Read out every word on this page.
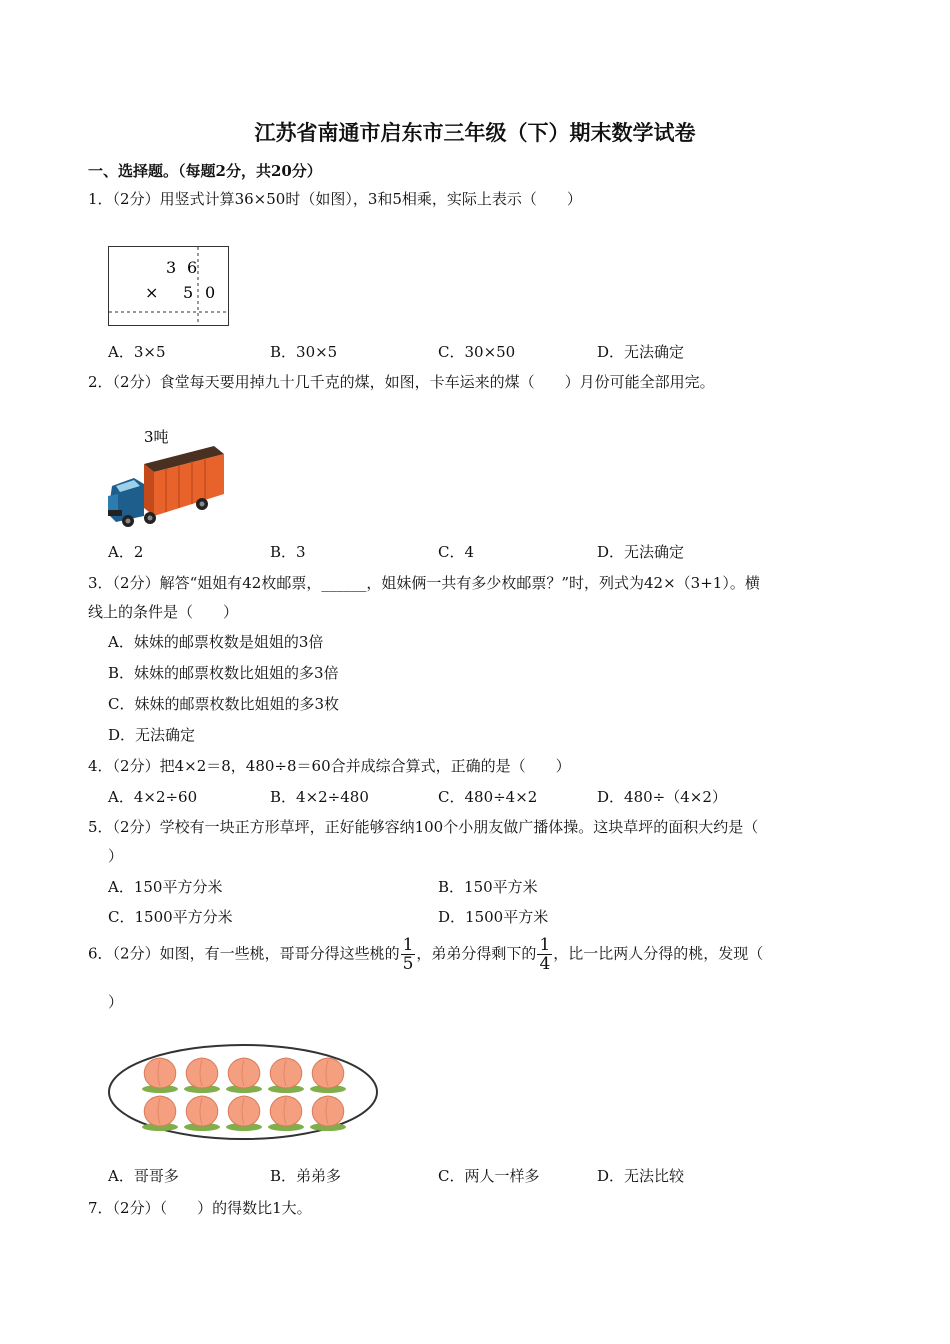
江苏省南通市启东市三年级（下）期末数学试卷
一、选择题。（每题2分，共20分）
1．（2分）用竖式计算36×50时（如图），3和5相乘，实际上表示（　　）
3 6
× 5 0
A．3×5	B．30×5	C．30×50	D．无法确定
2．（2分）食堂每天要用掉九十几千克的煤，如图，卡车运来的煤（　　）月份可能全部用完。
3吨
A．2	B．3	C．4	D．无法确定
3．（2分）解答“姐姐有42枚邮票，______，姐妹俩一共有多少枚邮票？”时，列式为42×（3+1）。横
线上的条件是（　　）
A．妹妹的邮票枚数是姐姐的3倍
B．妹妹的邮票枚数比姐姐的多3倍
C．妹妹的邮票枚数比姐姐的多3枚
D．无法确定
4．（2分）把4×2＝8，480÷8＝60合并成综合算式，正确的是（　　）
A．4×2÷60	B．4×2÷480	C．480÷4×2	D．480÷（4×2）
5．（2分）学校有一块正方形草坪，正好能够容纳100个小朋友做广播体操。这块草坪的面积大约是（
）
A．150平方分米	B．150平方米
C．1500平方分米	D．1500平方米
6．（2分）如图，有一些桃，哥哥分得这些桃的 $\frac{1}{5}$ ，弟弟分得剩下的 $\frac{1}{4}$ ，比一比两人分得的桃，发现（
）
A．哥哥多	B．弟弟多	C．两人一样多	D．无法比较
7．（2分）（　　）的得数比1大。
